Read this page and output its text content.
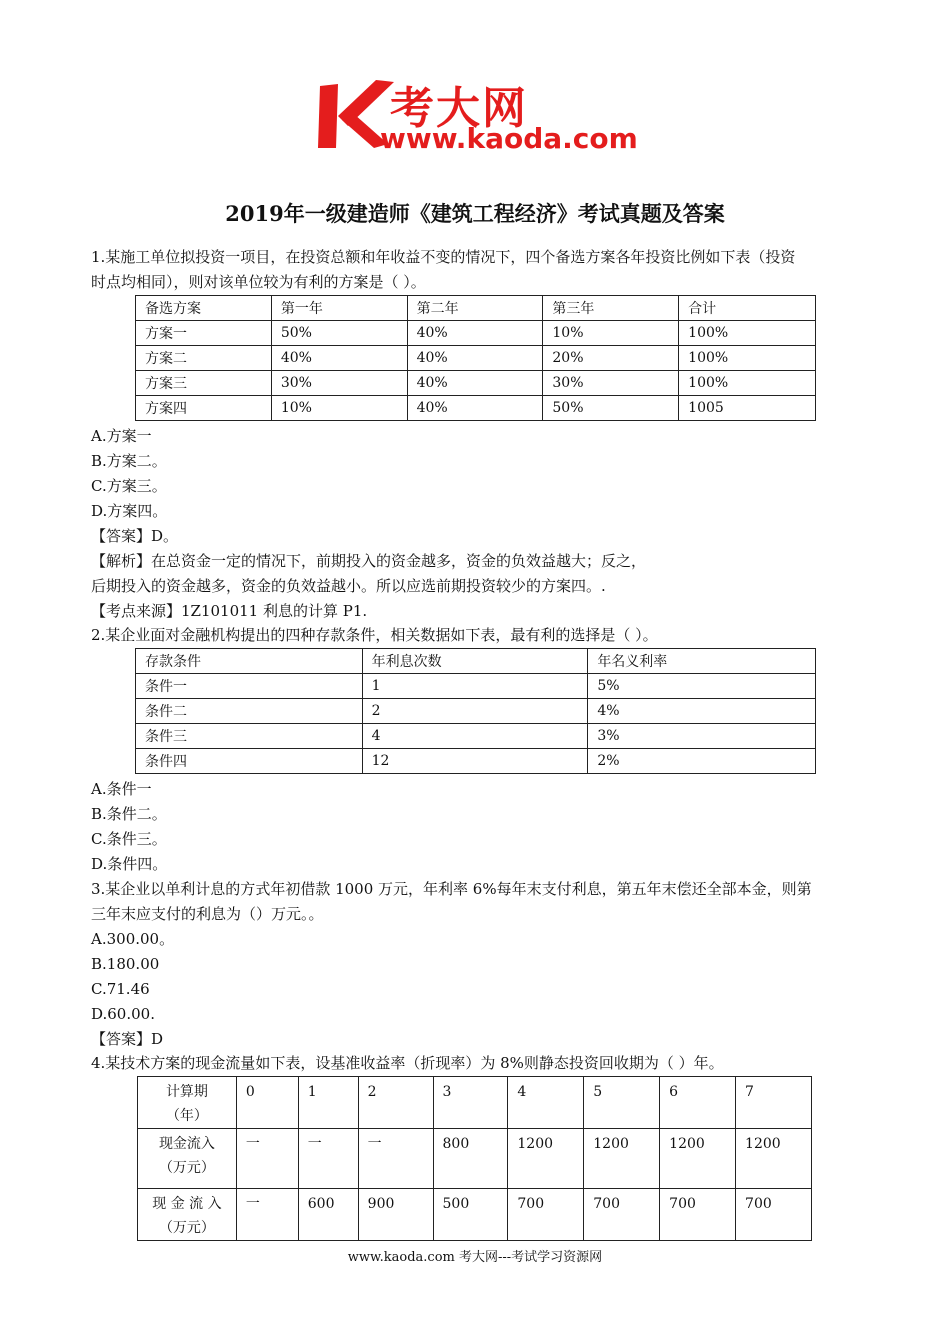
考大网
www.kaoda.com
2019年一级建造师《建筑工程经济》考试真题及答案
1.某施工单位拟投资一项目，在投资总额和年收益不变的情况下，四个备选方案各年投资比例如下表（投资
时点均相同），则对该单位较为有利的方案是（ ）。
备选方案	第一年	第二年	第三年	合计
方案一	50%	40%	10%	100%
方案二	40%	40%	20%	100%
方案三	30%	40%	30%	100%
方案四	10%	40%	50%	1005
A.方案一
B.方案二。
C.方案三。
D.方案四。
【答案】D。
【解析】在总资金一定的情况下，前期投入的资金越多，资金的负效益越大；反之，
后期投入的资金越多，资金的负效益越小。所以应选前期投资较少的方案四。.
【考点来源】1Z101011 利息的计算 P1.
2.某企业面对金融机构提出的四种存款条件，相关数据如下表，最有利的选择是（ ）。
存款条件	年利息次数	年名义利率
条件一	1	5%
条件二	2	4%
条件三	4	3%
条件四	12	2%
A.条件一
B.条件二。
C.条件三。
D.条件四。
3.某企业以单利计息的方式年初借款 1000 万元，年利率 6%每年末支付利息，第五年末偿还全部本金，则第
三年末应支付的利息为（）万元。。
A.300.00。
B.180.00
C.71.46
D.60.00.
【答案】D
4.某技术方案的现金流量如下表，设基准收益率（折现率）为 8%则静态投资回收期为（ ）年。
计算期
（年）	0	1	2	3	4	5	6	7

现金流入
（万元）	一	一	一	800	1200	1200	1200	1200

现 金 流 入
（万元）	一	600	900	500	700	700	700	700
www.kaoda.com 考大网---考试学习资源网
